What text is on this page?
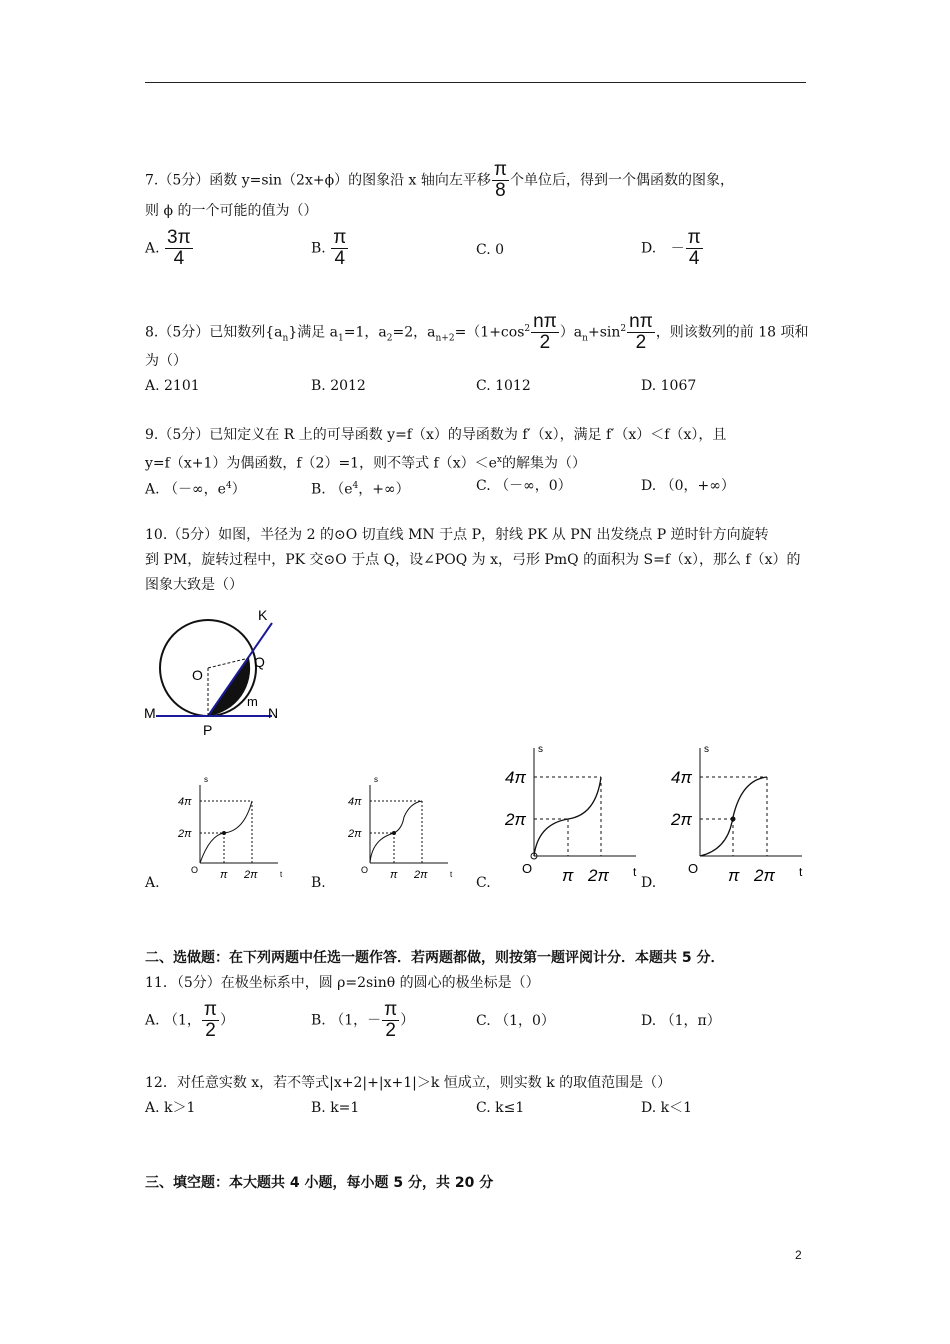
7.（5分）函数 y=sin（2x+ϕ）的图象沿 x 轴向左平移 $\frac{\pi}{8}$ 个单位后，得到一个偶函数的图象，
则 ϕ 的一个可能的值为（）
A. $\frac{3\pi}{4}$	B. $\frac{\pi}{4}$	C. 0	D. － $\frac{\pi}{4}$
8.（5分）已知数列$\{a_n\}$满足 $a_1=1$，$a_2=2$，$a_{n+2}=(1+\cos^2 \frac{n\pi}{2} )a_n+\sin^2 \frac{n\pi}{2}$ ，则该数列的前 18 项和
为（）
A. 2101	B. 2012	C. 1012	D. 1067
9.（5分）已知定义在 R 上的可导函数 y=f（x）的导函数为 f′（x），满足 f′（x）＜f（x），且
y=f（x+1）为偶函数，f（2）=1，则不等式 $f(x)<e^x$的解集为（）
A. （－∞，$e^4$）	B. （$e^4$，+∞）	C. （－∞，0）	D. （0，+∞）
10.（5分）如图，半径为 2 的⊙O 切直线 MN 于点 P，射线 PK 从 PN 出发绕点 P 逆时针方向旋转
到 PM，旋转过程中，PK 交⊙O 于点 Q，设∠POQ 为 x，弓形 PmQ 的面积为 S=f（x），那么 f（x）的
图象大致是（）
K
O
Q
m
M	N
P
s
t
O
4π
2π
π 2π
A.
s
t
O
4π
2π
π 2π
B.
s
t
O
4π
2π
π 2π
C.
s
t
O
4π
2π
π 2π
D.
二、选做题：在下列两题中任选一题作答．若两题都做，则按第一题评阅计分．本题共 5 分．
11．（5分）在极坐标系中，圆 ρ=2sinθ 的圆心的极坐标是（）
A. （1， $\frac{\pi}{2}$ ）	B. （1，－ $\frac{\pi}{2}$ ）	C. （1，0）	D. （1，π）
12．对任意实数 x，若不等式|x+2|+|x+1|＞k 恒成立，则实数 k 的取值范围是（）
A. k＞1	B. k=1	C. k≤1	D. k＜1
三、填空题：本大题共 4 小题，每小题 5 分，共 20 分
2
